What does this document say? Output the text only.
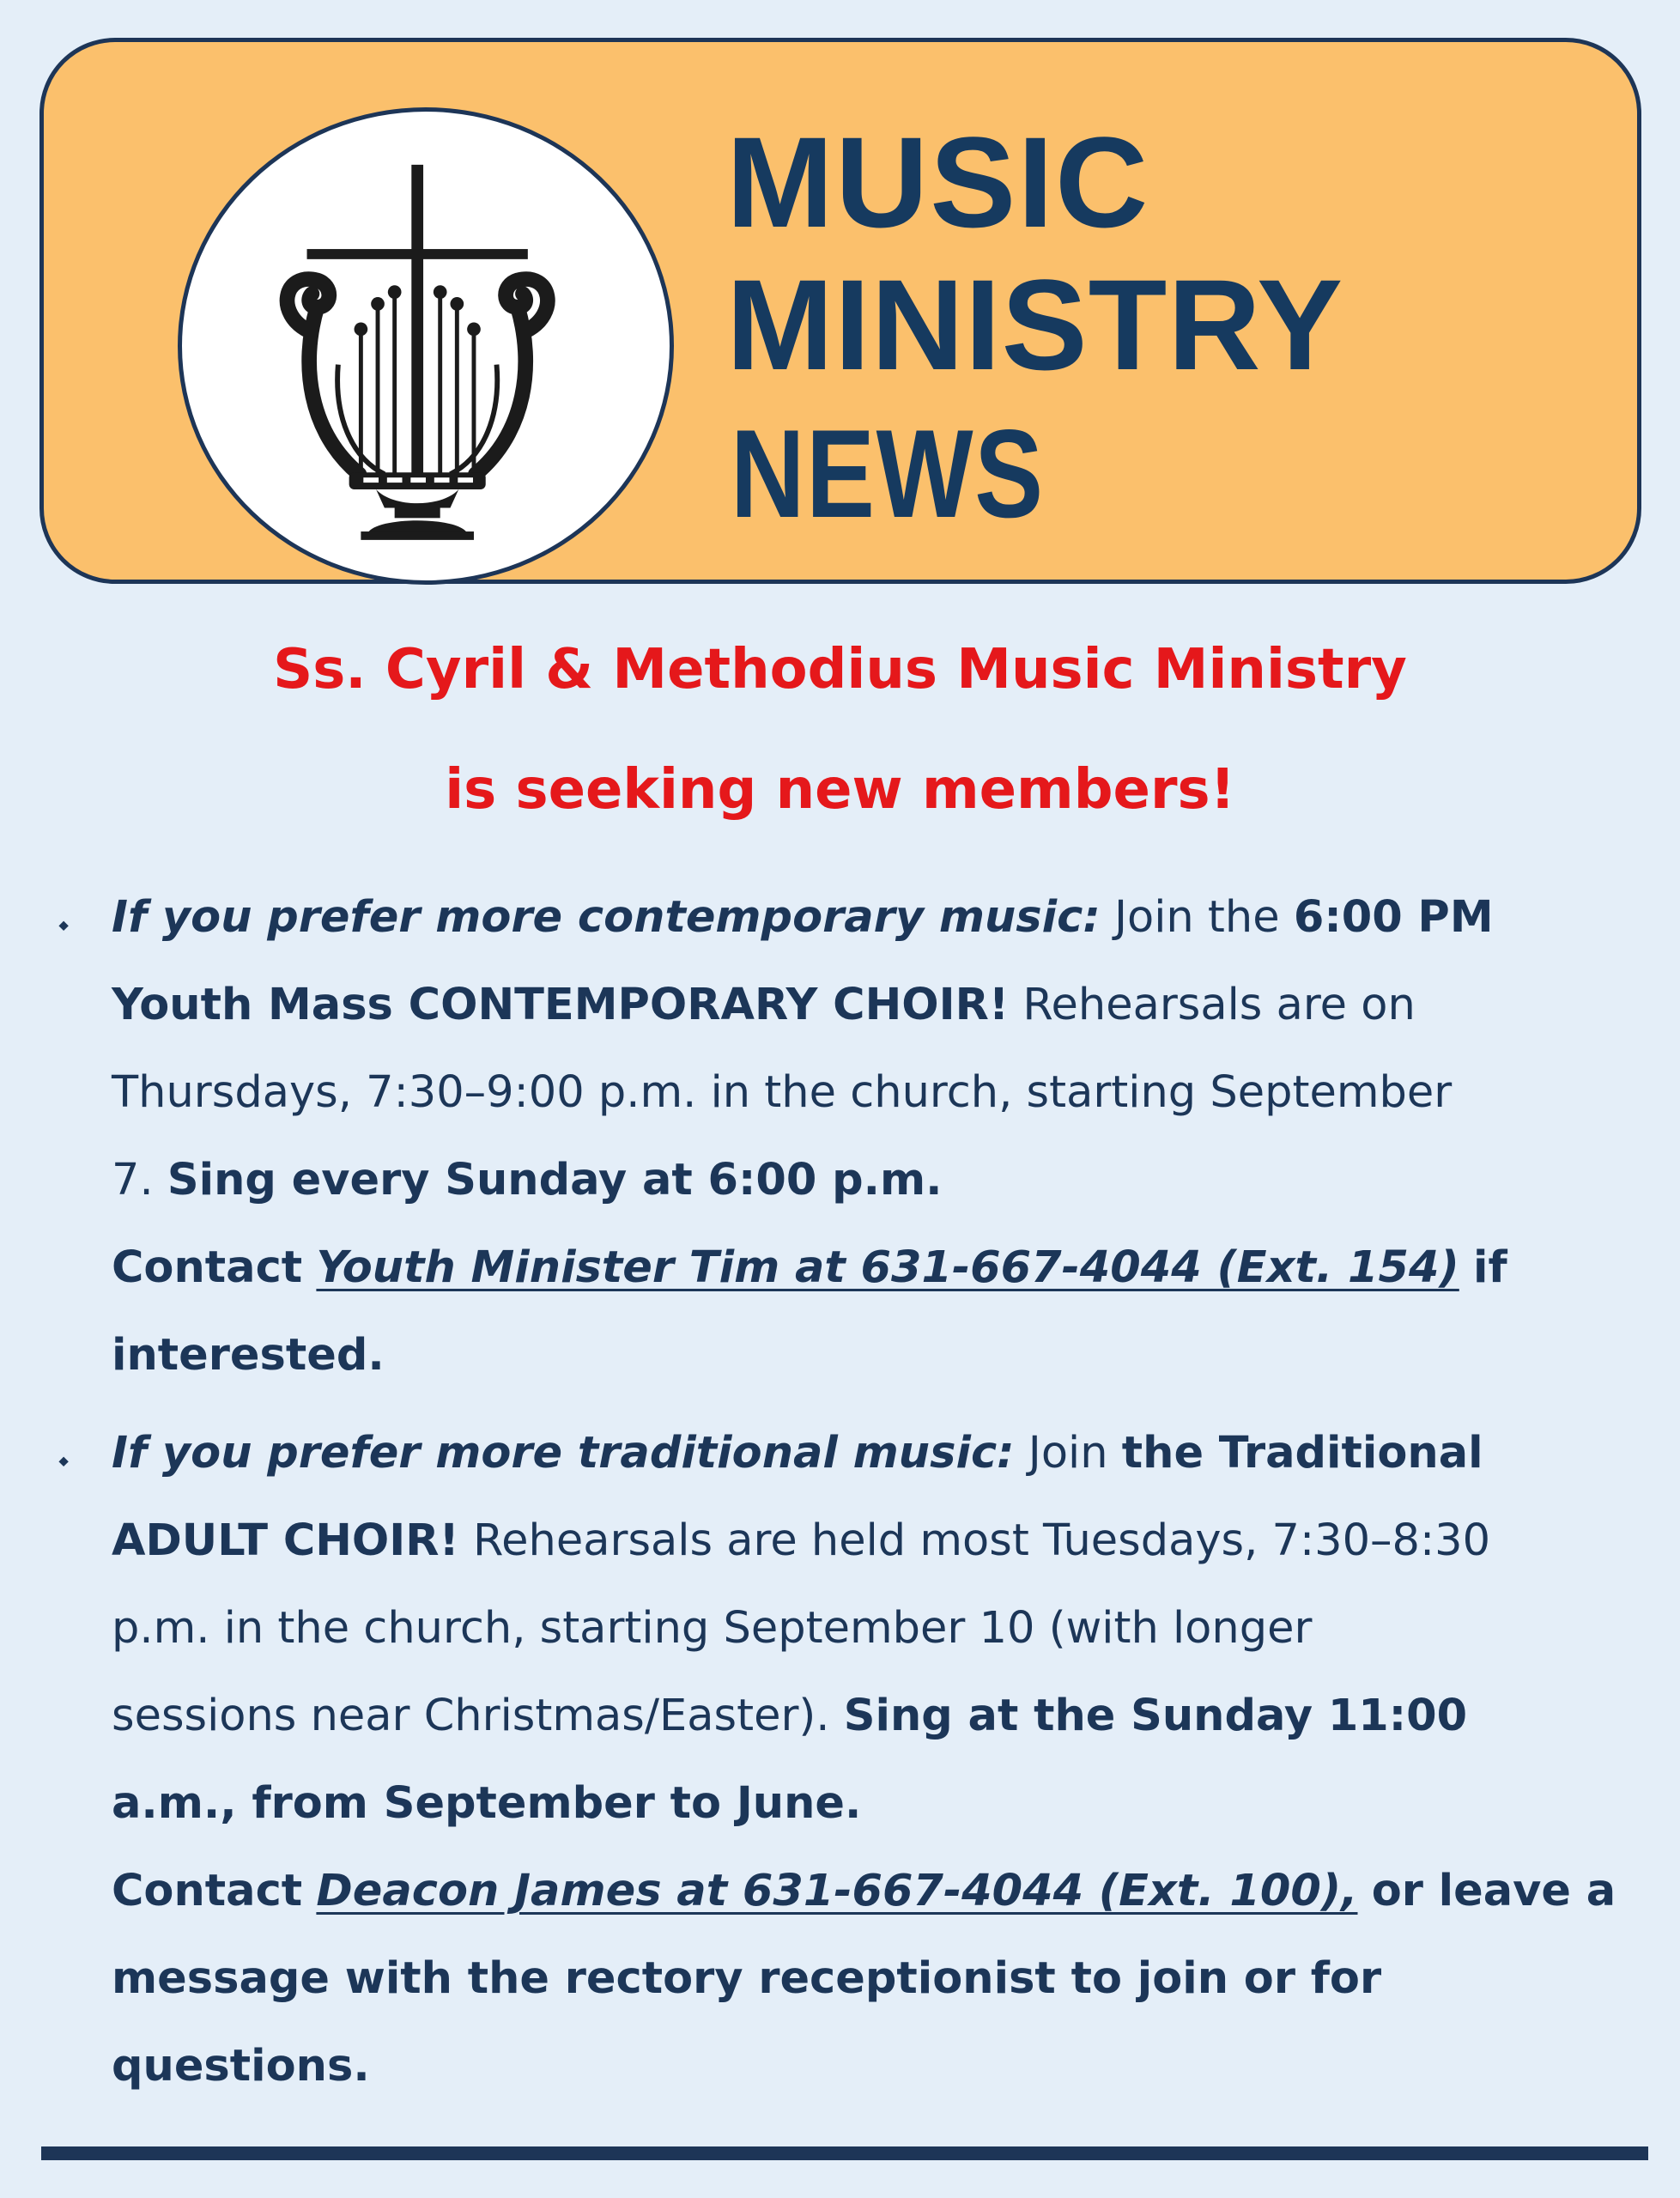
MUSIC
MINISTRY
NEWS
Ss. Cyril & Methodius Music Ministry
is seeking new members!
⬩ If you prefer more contemporary music: Join the 6:00 PM
Youth Mass CONTEMPORARY CHOIR! Rehearsals are on
Thursdays, 7:30–9:00 p.m. in the church, starting September
7. Sing every Sunday at 6:00 p.m.
Contact Youth Minister Tim at 631-667-4044 (Ext. 154) if
interested.
⬩ If you prefer more traditional music: Join the Traditional
ADULT CHOIR! Rehearsals are held most Tuesdays, 7:30–8:30
p.m. in the church, starting September 10 (with longer
sessions near Christmas/Easter). Sing at the Sunday 11:00
a.m., from September to June.
Contact Deacon James at 631-667-4044 (Ext. 100), or leave a
message with the rectory receptionist to join or for
questions.
